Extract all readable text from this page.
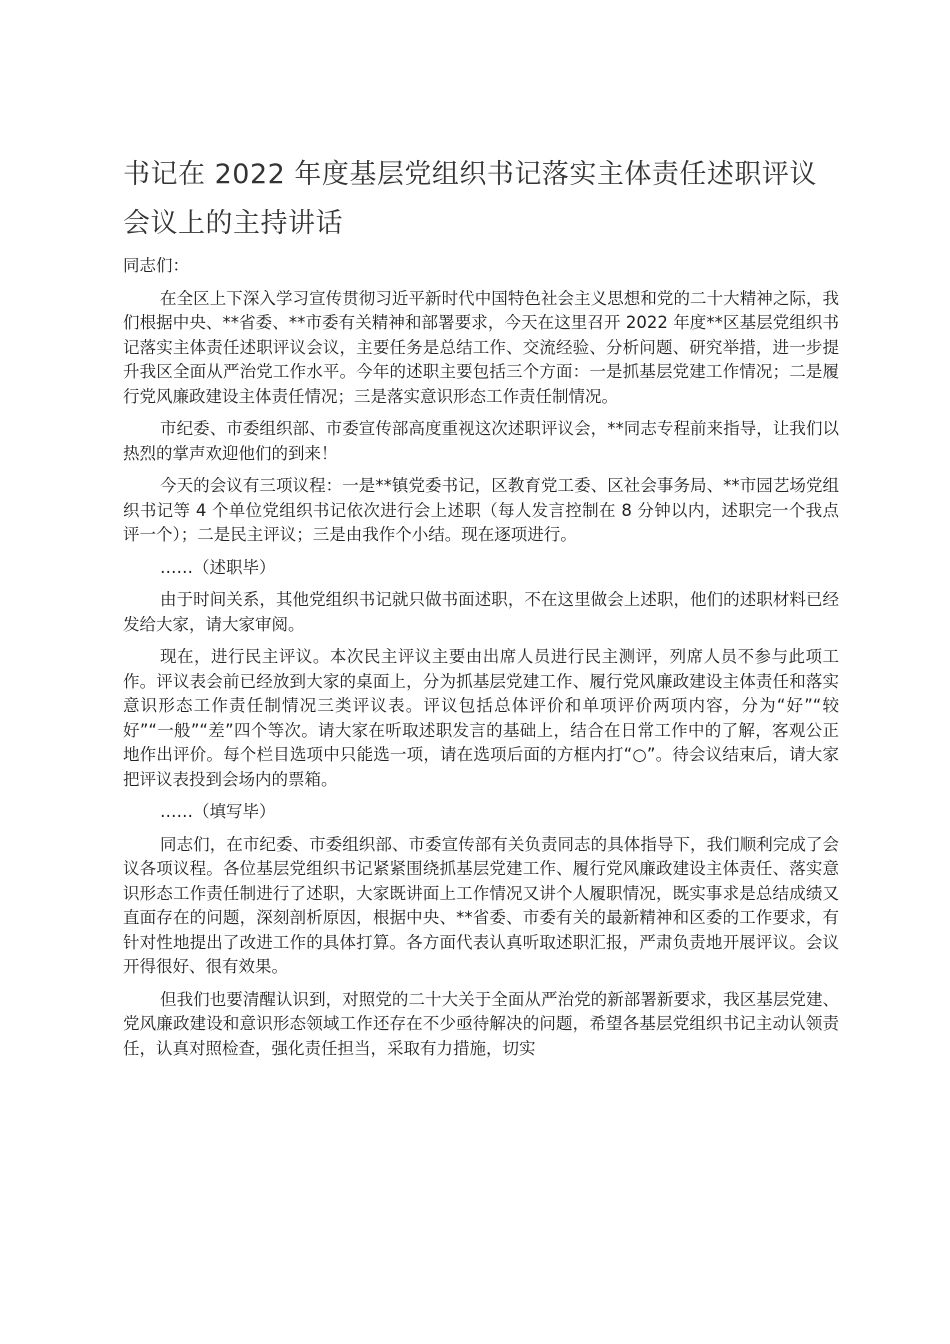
书记在 2022 年度基层党组织书记落实主体责任述职评议会议上的主持讲话

同志们：

在全区上下深入学习宣传贯彻习近平新时代中国特色社会主义思想和党的二十大精神之际，我们根据中央、**省委、**市委有关精神和部署要求，今天在这里召开 2022 年度**区基层党组织书记落实主体责任述职评议会议，主要任务是总结工作、交流经验、分析问题、研究举措，进一步提升我区全面从严治党工作水平。今年的述职主要包括三个方面：一是抓基层党建工作情况；二是履行党风廉政建设主体责任情况；三是落实意识形态工作责任制情况。

市纪委、市委组织部、市委宣传部高度重视这次述职评议会，**同志专程前来指导，让我们以热烈的掌声欢迎他们的到来！

今天的会议有三项议程：一是**镇党委书记，区教育党工委、区社会事务局、**市园艺场党组织书记等 4 个单位党组织书记依次进行会上述职（每人发言控制在 8 分钟以内，述职完一个我点评一个）；二是民主评议；三是由我作个小结。现在逐项进行。

……（述职毕）

由于时间关系，其他党组织书记就只做书面述职，不在这里做会上述职，他们的述职材料已经发给大家，请大家审阅。

现在，进行民主评议。本次民主评议主要由出席人员进行民主测评，列席人员不参与此项工作。评议表会前已经放到大家的桌面上，分为抓基层党建工作、履行党风廉政建设主体责任和落实意识形态工作责任制情况三类评议表。评议包括总体评价和单项评价两项内容，分为“好”“较好”“一般”“差”四个等次。请大家在听取述职发言的基础上，结合在日常工作中的了解，客观公正地作出评价。每个栏目选项中只能选一项，请在选项后面的方框内打“○”。待会议结束后，请大家把评议表投到会场内的票箱。

……（填写毕）

同志们，在市纪委、市委组织部、市委宣传部有关负责同志的具体指导下，我们顺利完成了会议各项议程。各位基层党组织书记紧紧围绕抓基层党建工作、履行党风廉政建设主体责任、落实意识形态工作责任制进行了述职，大家既讲面上工作情况又讲个人履职情况，既实事求是总结成绩又直面存在的问题，深刻剖析原因，根据中央、**省委、市委有关的最新精神和区委的工作要求，有针对性地提出了改进工作的具体打算。各方面代表认真听取述职汇报，严肃负责地开展评议。会议开得很好、很有效果。

但我们也要清醒认识到，对照党的二十大关于全面从严治党的新部署新要求，我区基层党建、党风廉政建设和意识形态领域工作还存在不少亟待解决的问题，希望各基层党组织书记主动认领责任，认真对照检查，强化责任担当，采取有力措施，切实
